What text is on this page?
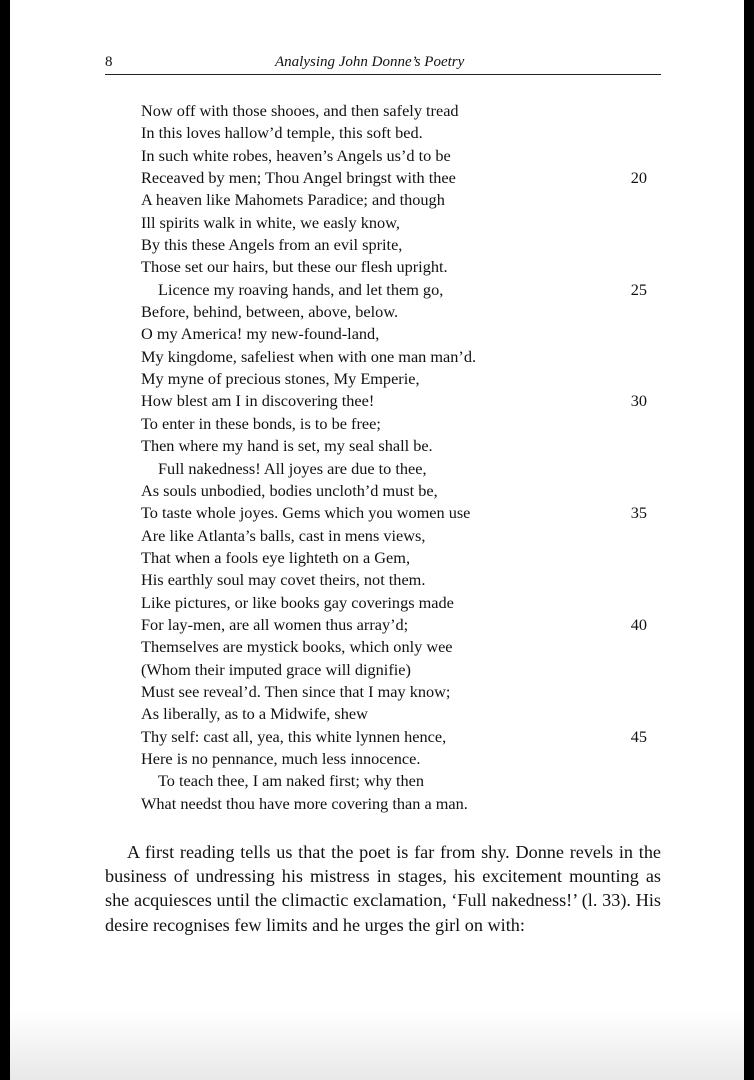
8	Analysing John Donne’s Poetry
Now off with those shooes, and then safely tread
In this loves hallow’d temple, this soft bed.
In such white robes, heaven’s Angels us’d to be
Receaved by men; Thou Angel bringst with thee	20
A heaven like Mahomets Paradice; and though
Ill spirits walk in white, we easly know,
By this these Angels from an evil sprite,
Those set our hairs, but these our flesh upright.
Licence my roaving hands, and let them go,	25
Before, behind, between, above, below.
O my America! my new-found-land,
My kingdome, safeliest when with one man man’d.
My myne of precious stones, My Emperie,
How blest am I in discovering thee!	30
To enter in these bonds, is to be free;
Then where my hand is set, my seal shall be.
Full nakedness! All joyes are due to thee,
As souls unbodied, bodies uncloth’d must be,
To taste whole joyes. Gems which you women use	35
Are like Atlanta’s balls, cast in mens views,
That when a fools eye lighteth on a Gem,
His earthly soul may covet theirs, not them.
Like pictures, or like books gay coverings made
For lay-men, are all women thus array’d;	40
Themselves are mystick books, which only wee
(Whom their imputed grace will dignifie)
Must see reveal’d. Then since that I may know;
As liberally, as to a Midwife, shew
Thy self: cast all, yea, this white lynnen hence,	45
Here is no pennance, much less innocence.
To teach thee, I am naked first; why then
What needst thou have more covering than a man.

A first reading tells us that the poet is far from shy. Donne revels in the business of undressing his mistress in stages, his excitement mounting as she acquiesces until the climactic exclamation, ‘Full nakedness!’ (l. 33). His desire recognises few limits and he urges the girl on with:
